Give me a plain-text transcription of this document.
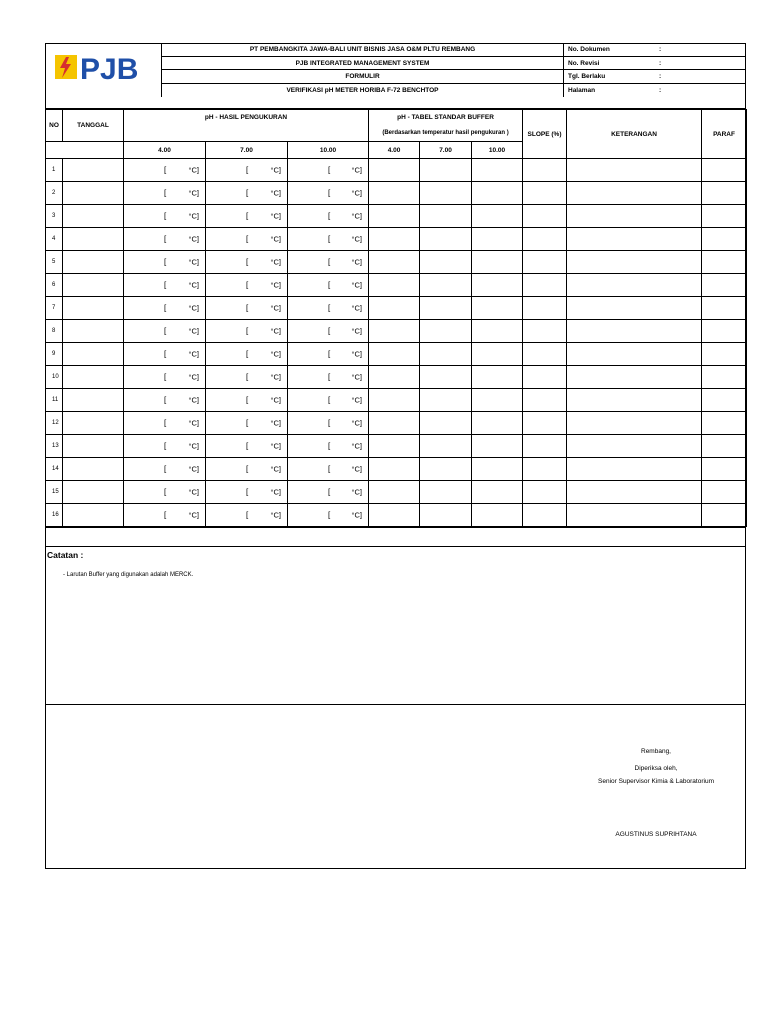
PJB
PT PEMBANGKITA JAWA-BALI UNIT BISNIS JASA O&M PLTU REMBANG
PJB INTEGRATED MANAGEMENT SYSTEM
FORMULIR
VERIFIKASI pH METER HORIBA F-72 BENCHTOP
No. Dokumen	:
No. Revisi	:
Tgl. Berlaku	:
Halaman	:
NO	TANGGAL	pH - HASIL PENGUKURAN			pH - TABEL STANDAR BUFFER			SLOPE (%)	KETERANGAN	PARAF
					(Berdasarkan temperatur hasil pengukuran )					
		4.00	7.00	10.00	4.00	7.00	10.00			
1		[ °C]	[ °C]	[ °C]						

2		[ °C]	[ °C]	[ °C]						

3		[ °C]	[ °C]	[ °C]						

4		[ °C]	[ °C]	[ °C]						

5		[ °C]	[ °C]	[ °C]						

6		[ °C]	[ °C]	[ °C]						

7		[ °C]	[ °C]	[ °C]						

8		[ °C]	[ °C]	[ °C]						

9		[ °C]	[ °C]	[ °C]						

10		[ °C]	[ °C]	[ °C]						

11		[ °C]	[ °C]	[ °C]						

12		[ °C]	[ °C]	[ °C]						

13		[ °C]	[ °C]	[ °C]						

14		[ °C]	[ °C]	[ °C]						

15		[ °C]	[ °C]	[ °C]						

16		[ °C]	[ °C]	[ °C]						

Catatan :
- Larutan Buffer yang digunakan adalah MERCK.
Rembang,
Diperiksa oleh,
Senior Supervisor Kimia & Laboratorium
AGUSTINUS SUPRIHTANA
